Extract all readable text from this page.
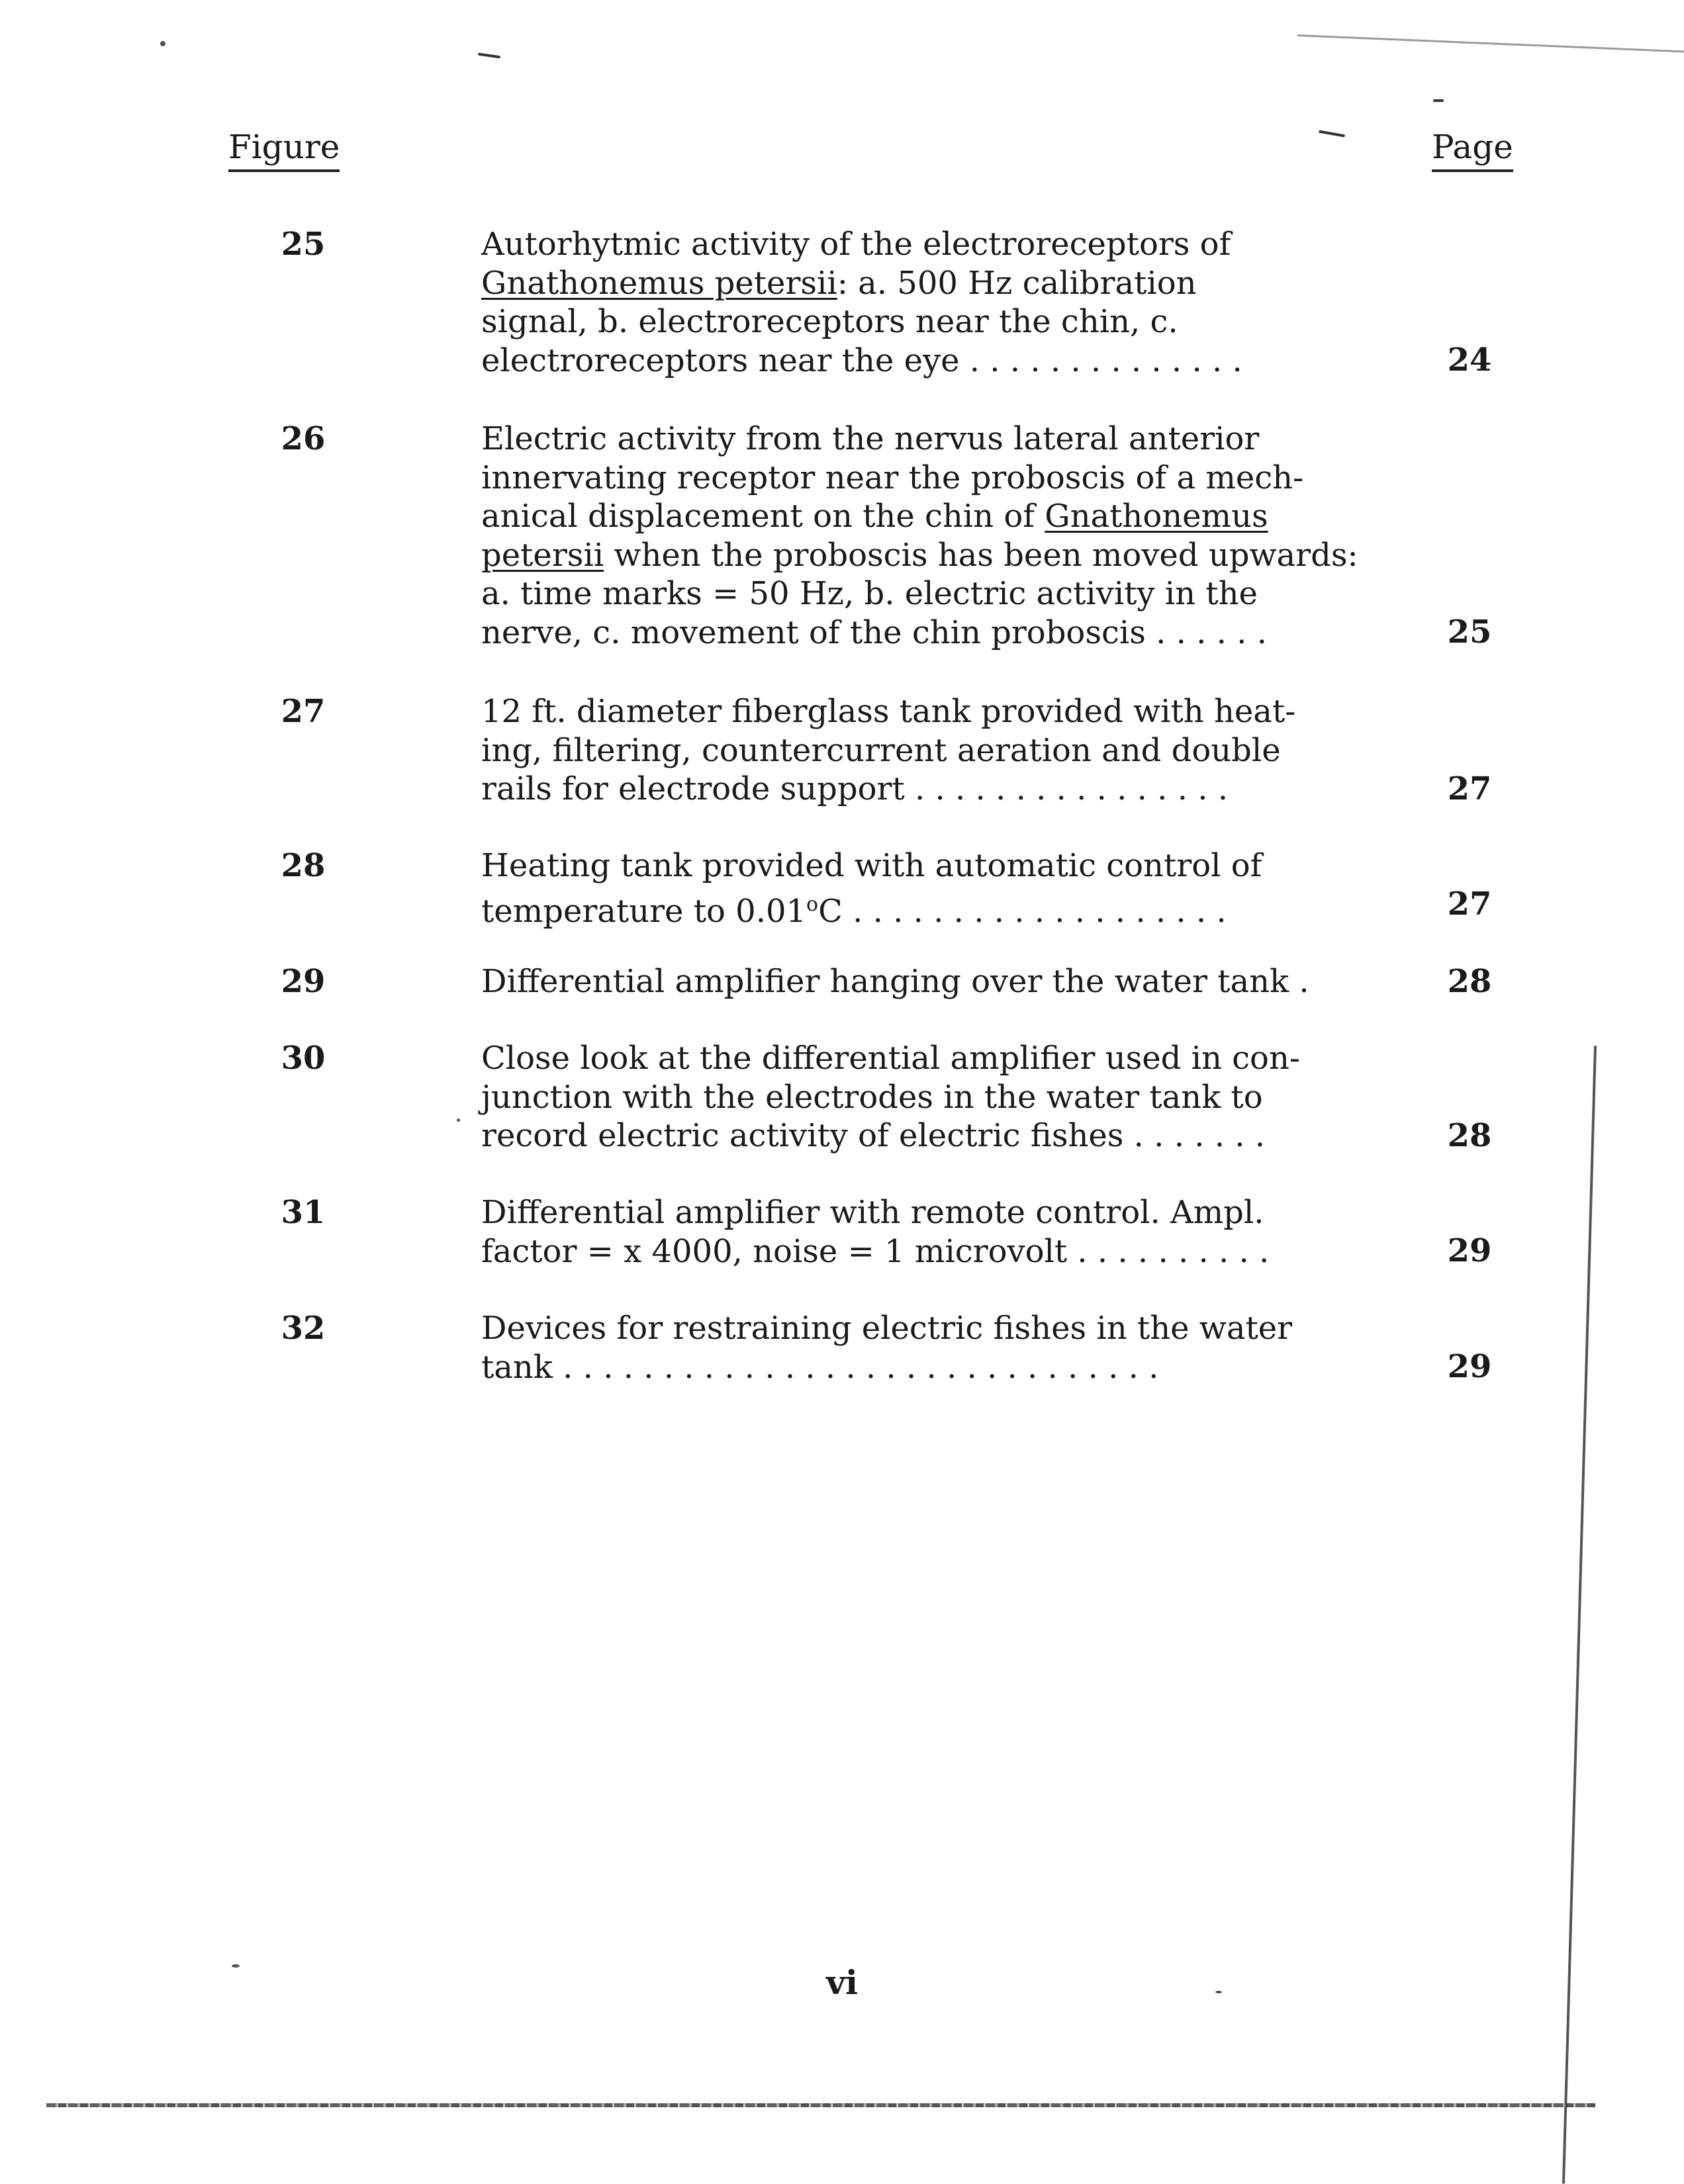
Figure	Page
25	Autorhytmic activity of the electroreceptors of
Gnathonemus petersii: a. 500 Hz calibration
signal, b. electroreceptors near the chin, c.
electroreceptors near the eye . . . . . . . . . . . . . .	24
26	Electric activity from the nervus lateral anterior
innervating receptor near the proboscis of a mech-
anical displacement on the chin of Gnathonemus
petersii when the proboscis has been moved upwards:
a. time marks = 50 Hz, b. electric activity in the
nerve, c. movement of the chin proboscis . . . . . .	25
27	12 ft. diameter fiberglass tank provided with heat-
ing, filtering, countercurrent aeration and double
rails for electrode support . . . . . . . . . . . . . . . .	27
28	Heating tank provided with automatic control of
temperature to 0.01$^o$C . . . . . . . . . . . . . . . . . . .	27
29	Differential amplifier hanging over the water tank .	28
30	Close look at the differential amplifier used in con-
junction with the electrodes in the water tank to
record electric activity of electric fishes . . . . . . .	28
31	Differential amplifier with remote control. Ampl.
factor = x 4000, noise = 1 microvolt . . . . . . . . . .	29
32	Devices for restraining electric fishes in the water
tank . . . . . . . . . . . . . . . . . . . . . . . . . . . . . .	29
vi
